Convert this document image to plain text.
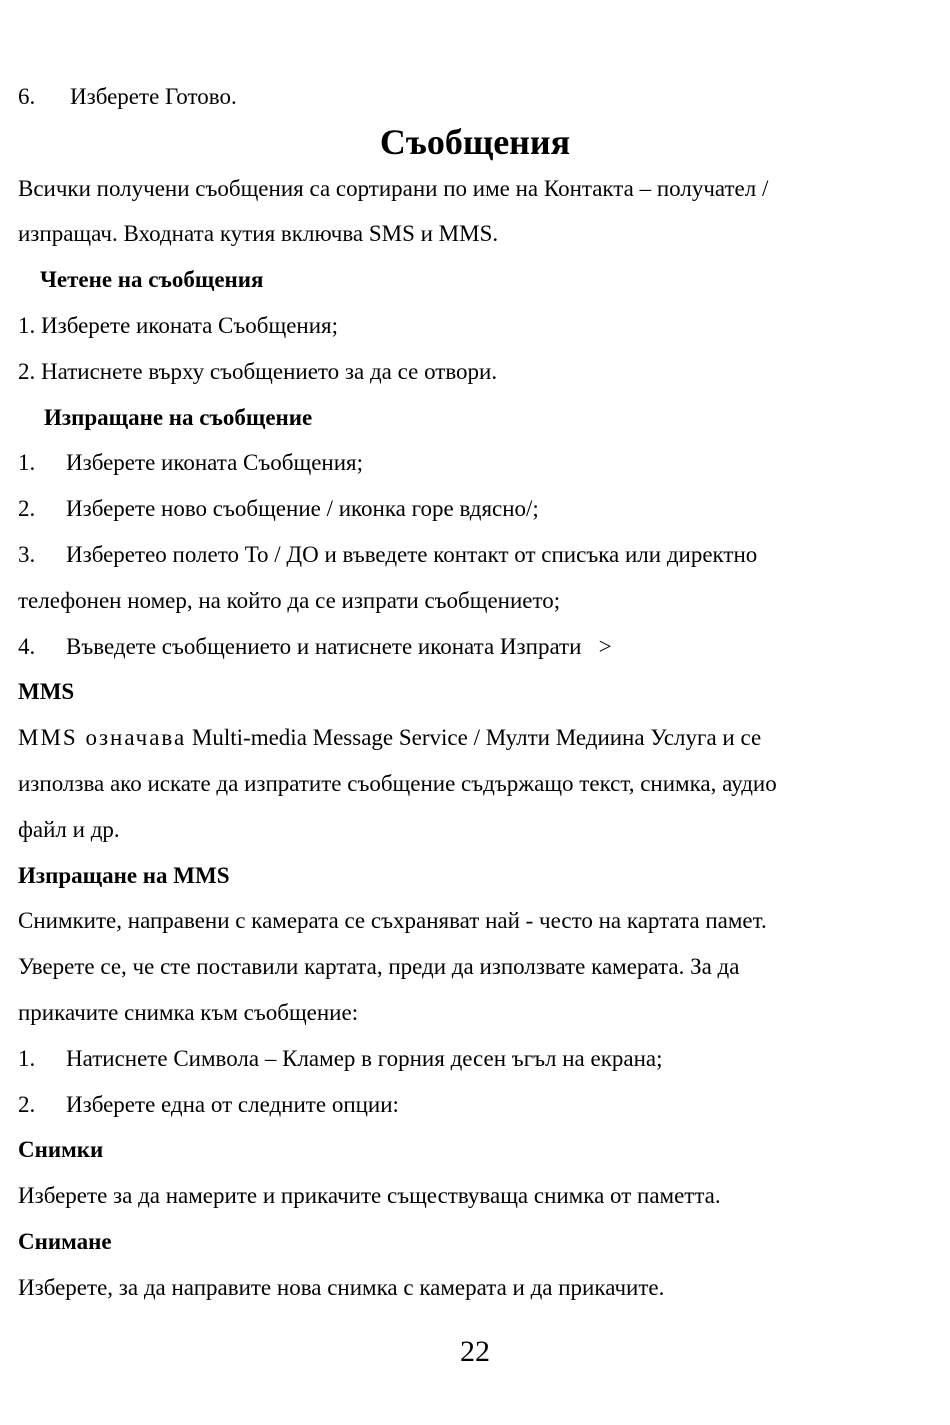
6. Изберете Готово.
Съобщения
Всички получени съобщения са сортирани по име на Контакта – получател /
изпращач. Входната кутия включва SMS и MMS.
Четене на съобщения
1. Изберете иконата Съобщения;
2. Натиснете върху съобщението за да се отвори.
Изпращане на съобщение
1. Изберете иконата Съобщения;
2. Изберете ново съобщение / иконка горе вдясно/;
3. Изберетео полето То / ДО и въведете контакт от списъка или директно
телефонен номер, на който да се изпрати съобщението;
4. Въведете съобщението и натиснете иконата Изпрати   >
MMS
MMS означава Multi-media Message Service / Мулти Медиина Услуга и се
използва ако искате да изпратите съобщение съдържащо текст, снимка, аудио
файл и др.
Изпращане на MMS
Снимките, направени с камерата се съхраняват най - често на картата памет.
Уверете се, че сте поставили картата, преди да използвате камерата. За да
прикачите снимка към съобщение:
1. Натиснете Символа – Кламер в горния десен ъгъл на екрана;
2. Изберете една от следните опции:
Снимки
Изберете за да намерите и прикачите съществуваща снимка от паметта.
Снимане
Изберете, за да направите нова снимка с камерата и да прикачите.
22
